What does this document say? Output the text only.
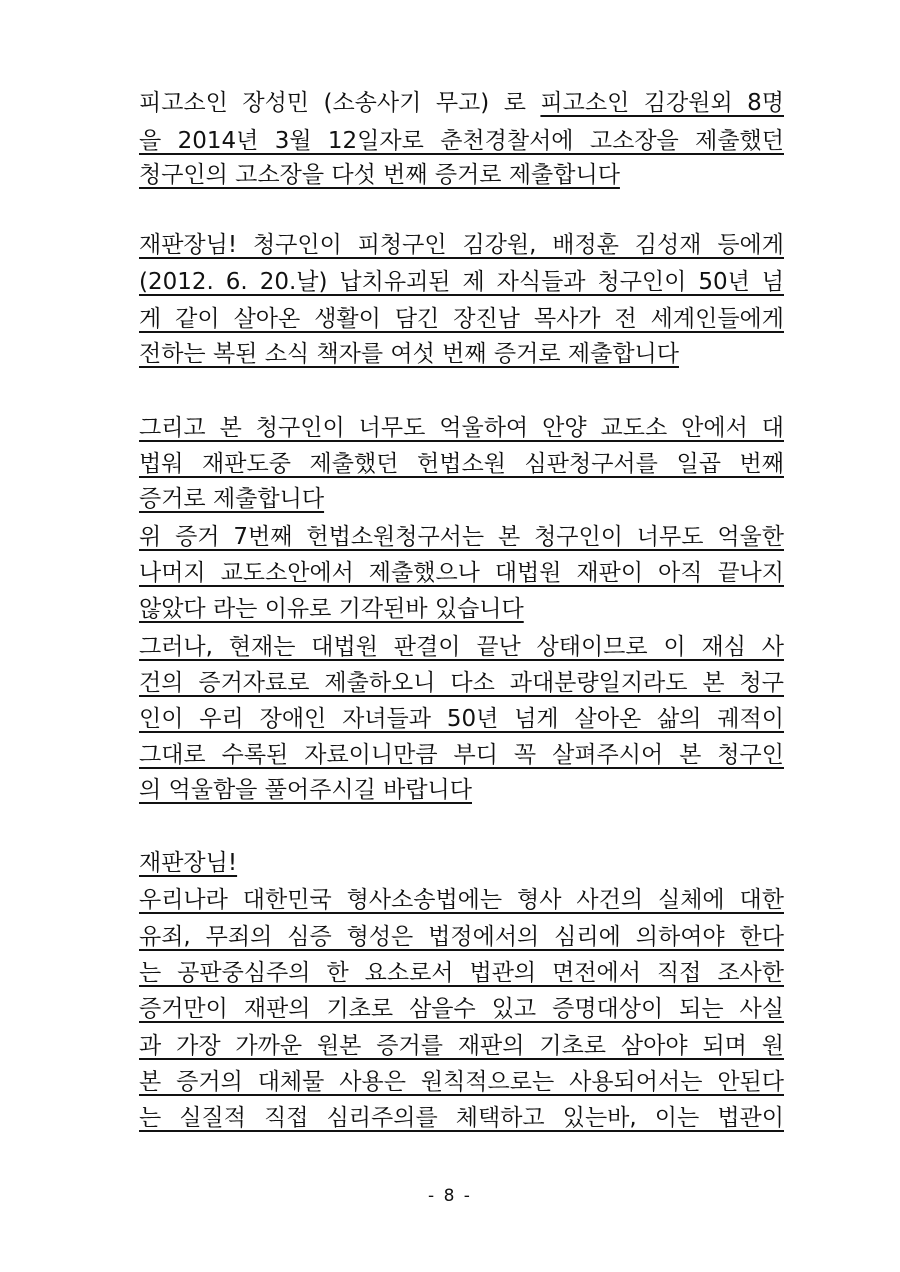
피고소인 장성민 (소송사기 무고) 로 피고소인 김강원외 8명
을 2014년 3월 12일자로 춘천경찰서에 고소장을 제출했던
청구인의 고소장을 다섯 번째 증거로 제출합니다
재판장님! 청구인이 피청구인 김강원, 배정훈 김성재 등에게
(2012. 6. 20.날) 납치유괴된 제 자식들과 청구인이 50년 넘
게 같이 살아온 생활이 담긴 장진남 목사가 전 세계인들에게
전하는 복된 소식 책자를 여섯 번째 증거로 제출합니다
그리고 본 청구인이 너무도 억울하여 안양 교도소 안에서 대
법워 재판도중 제출했던 헌법소원 심판청구서를 일곱 번째
증거로 제출합니다
위 증거 7번째 헌법소원청구서는 본 청구인이 너무도 억울한
나머지 교도소안에서 제출했으나 대법원 재판이 아직 끝나지
않았다 라는 이유로 기각된바 있습니다
그러나, 현재는 대법원 판결이 끝난 상태이므로 이 재심 사
건의 증거자료로 제출하오니 다소 과대분량일지라도 본 청구
인이 우리 장애인 자녀들과 50년 넘게 살아온 삶의 궤적이
그대로 수록된 자료이니만큼 부디 꼭 살펴주시어 본 청구인
의 억울함을 풀어주시길 바랍니다
재판장님!
우리나라 대한민국 형사소송법에는 형사 사건의 실체에 대한
유죄, 무죄의 심증 형성은 법정에서의 심리에 의하여야 한다
는 공판중심주의 한 요소로서 법관의 면전에서 직접 조사한
증거만이 재판의 기초로 삼을수 있고 증명대상이 되는 사실
과 가장 가까운 원본 증거를 재판의 기초로 삼아야 되며 원
본 증거의 대체물 사용은 원칙적으로는 사용되어서는 안된다
는 실질적 직접 심리주의를 체택하고 있는바, 이는 법관이
- 8 -
